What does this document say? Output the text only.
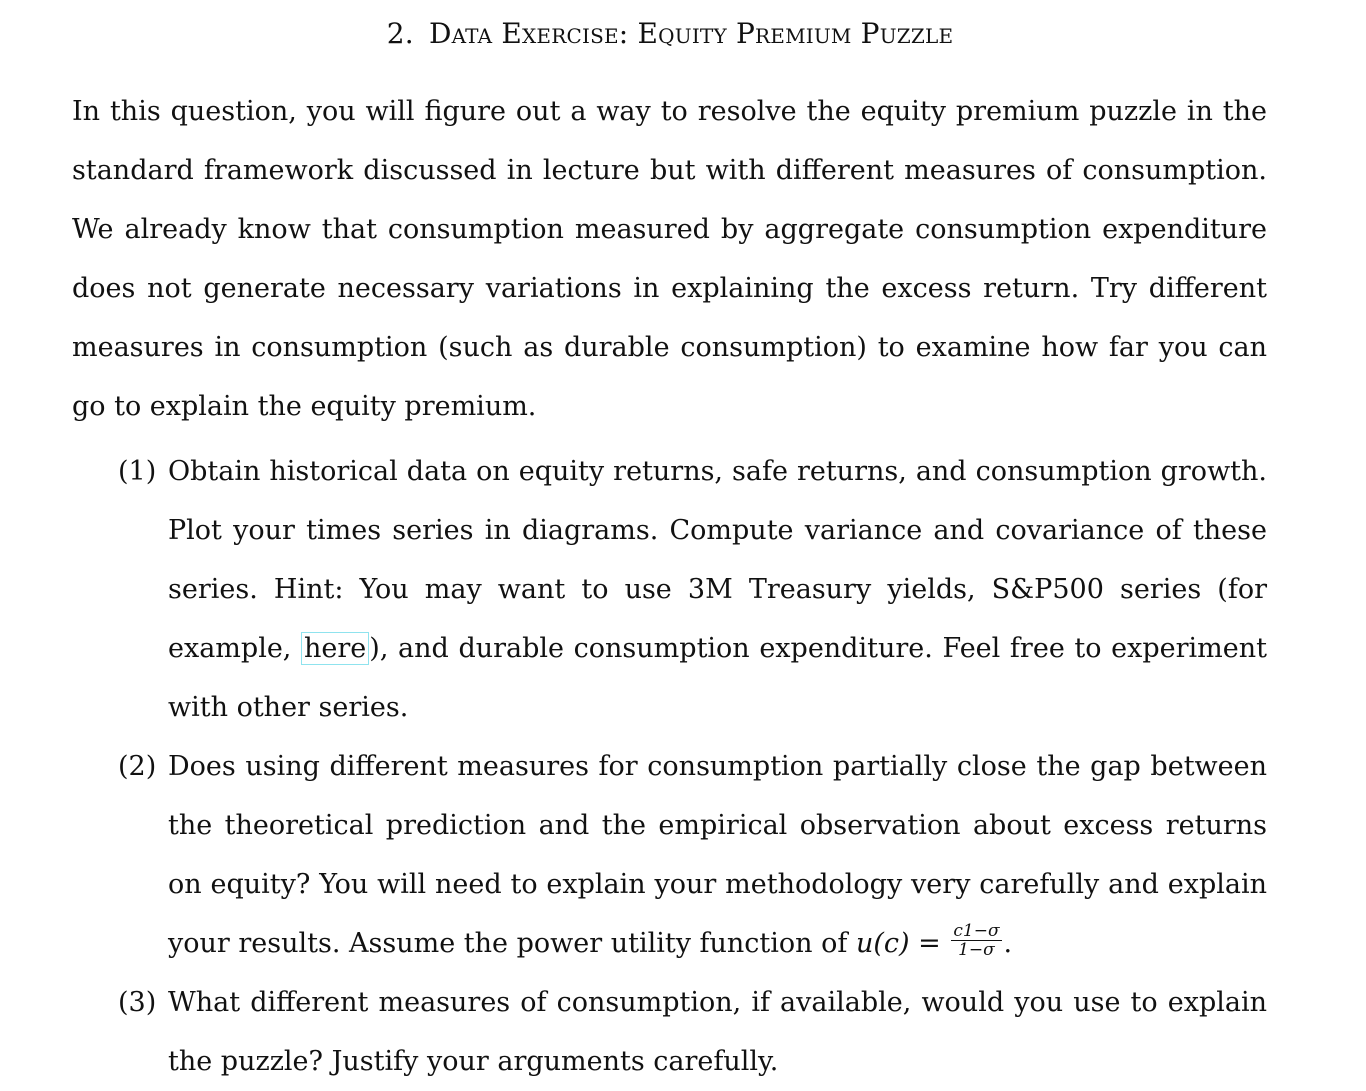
2. Data Exercise: Equity Premium Puzzle

In this question, you will figure out a way to resolve the equity premium puzzle in the standard framework discussed in lecture but with different measures of consumption. We already know that consumption measured by aggregate consumption expenditure does not generate necessary variations in explaining the excess return. Try different measures in consumption (such as durable consumption) to examine how far you can go to explain the equity premium.

(1) Obtain historical data on equity returns, safe returns, and consumption growth. Plot your times series in diagrams. Compute variance and covariance of these series. Hint: You may want to use 3M Treasury yields, S&P500 series (for example, here ), and durable consumption expenditure. Feel free to experiment with other series.
(2) Does using different measures for consumption partially close the gap between the theoretical prediction and the empirical observation about excess returns on equity? You will need to explain your methodology very carefully and explain your results. Assume the power utility function of $u(c) = \frac{c1-\sigma}{1-\sigma}$ .
(3) What different measures of consumption, if available, would you use to explain the puzzle? Justify your arguments carefully.
